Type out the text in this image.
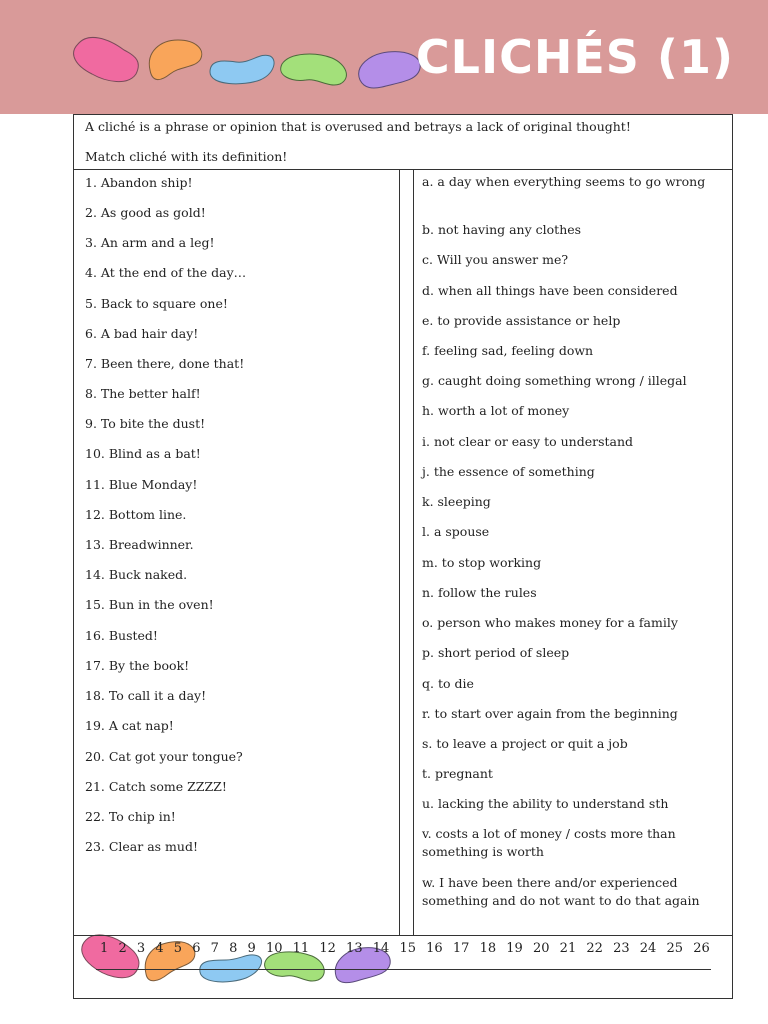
CLICHÉS (1)

A cliché is a phrase or opinion that is overused and betrays a lack of original thought!

Match cliché with its definition!

1. Abandon ship!
2. As good as gold!
3. An arm and a leg!
4. At the end of the day…
5. Back to square one!
6. A bad hair day!
7. Been there, done that!
8. The better half!
9. To bite the dust!
10. Blind as a bat!
11. Blue Monday!
12. Bottom line.
13. Breadwinner.
14. Buck naked.
15. Bun in the oven!
16. Busted!
17. By the book!
18. To call it a day!
19. A cat nap!
20. Cat got your tongue?
21. Catch some ZZZZ!
22. To chip in!
23. Clear as mud!
a. a day when everything seems to go wrong
b. not having any clothes
c. Will you answer me?
d. when all things have been considered
e. to provide assistance or help
f. feeling sad, feeling down
g. caught doing something wrong / illegal
h. worth a lot of money
i. not clear or easy to understand
j. the essence of something
k. sleeping
l. a spouse
m. to stop working
n. follow the rules
o. person who makes money for a family
p. short period of sleep
q. to die
r. to start over again from the beginning
s. to leave a project or quit a job
t. pregnant
u. lacking the ability to understand sth
v. costs a lot of money / costs more than something is worth
w. I have been there and/or experienced something and do not want to do that again
1 2 3 4 5 6 7 8 9 10 11 12 13 14 15 16 17 18 19 20 21 22 23 24 25 26
